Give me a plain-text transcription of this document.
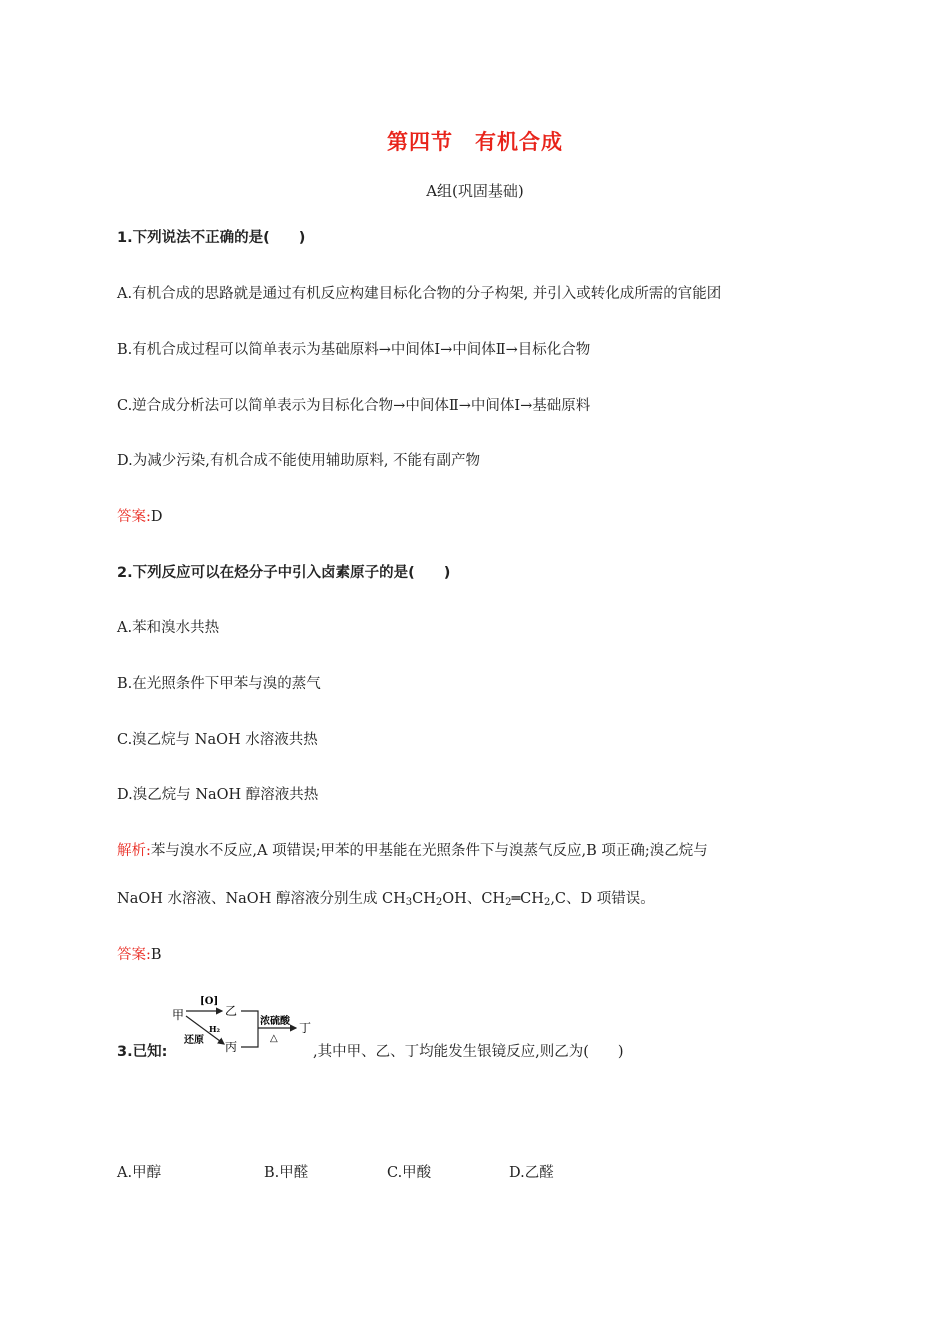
第四节 有机合成
A组(巩固基础)
1.下列说法不正确的是(　　)
A.有机合成的思路就是通过有机反应构建目标化合物的分子构架, 并引入或转化成所需的官能团
B.有机合成过程可以简单表示为基础原料→中间体Ⅰ→中间体Ⅱ→目标化合物
C.逆合成分析法可以简单表示为目标化合物→中间体Ⅱ→中间体Ⅰ→基础原料
D.为减少污染,有机合成不能使用辅助原料, 不能有副产物
答案:D
2.下列反应可以在烃分子中引入卤素原子的是(　　)
A.苯和溴水共热
B.在光照条件下甲苯与溴的蒸气
C.溴乙烷与 NaOH 水溶液共热
D.溴乙烷与 NaOH 醇溶液共热
解析:苯与溴水不反应,A 项错误;甲苯的甲基能在光照条件下与溴蒸气反应,B 项正确;溴乙烷与
NaOH 水溶液、NaOH 醇溶液分别生成 $CH_3CH_2OH$、$CH_2═CH_2,C$、D 项错误。
答案:B
3.已知:
甲
[O]
乙
H₂
还原 丙
浓硫酸
△
丁
,其中甲、乙、丁均能发生银镜反应,则乙为(　　)
A.甲醇	B.甲醛	C.甲酸	D.乙醛
